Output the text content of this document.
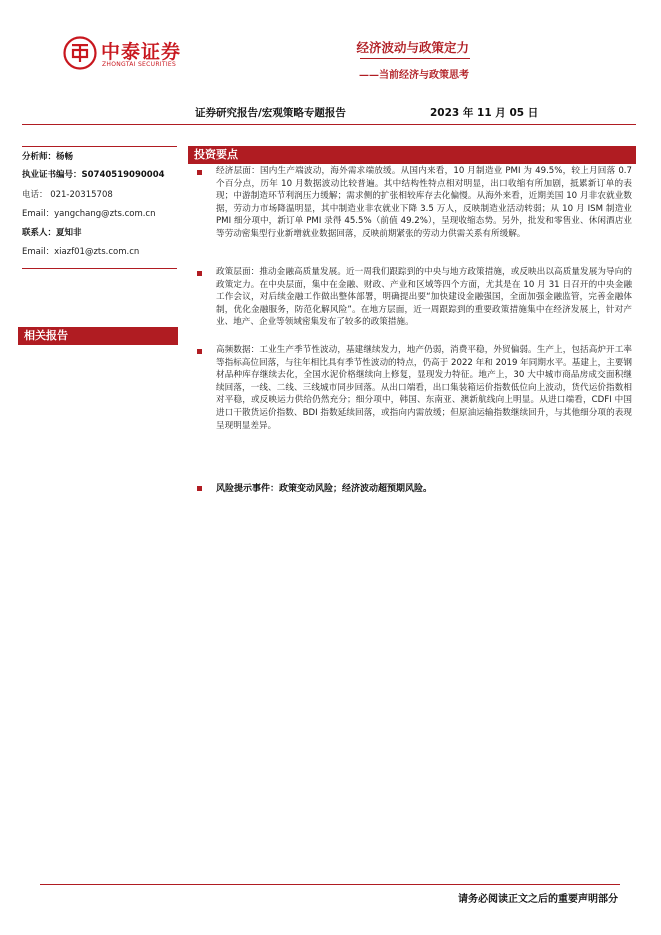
中泰证券
ZHONGTAI SECURITIES
经济波动与政策定力
——当前经济与政策思考
证券研究报告/宏观策略专题报告	2023 年 11 月 05 日
分析师：杨畅
执业证书编号：S0740519090004
电话： 021-20315708
Email：yangchang@zts.com.cn
联系人：夏知非
Email：xiazf01@zts.com.cn
相关报告
投资要点
经济层面：国内生产端波动，海外需求端放缓。从国内来看，10 月制造业 PMI 为 49.5%，较上月回落 0.7 个百分点，历年 10 月数据波动比较普遍。其中结构性特点相对明显，出口收缩有所加剧，抵累新订单的表现；中游制造环节利润压力缓解；需求侧的扩张相较库存去化偏慢。从海外来看，近期美国 10 月非农就业数据，劳动力市场降温明显，其中制造业非农就业下降 3.5 万人，反映制造业活动转弱；从 10 月 ISM 制造业 PMI 细分项中，新订单 PMI 录得 45.5%（前值 49.2%），呈现收缩态势。另外，批发和零售业、休闲酒店业等劳动密集型行业新增就业数据回落，反映前期紧张的劳动力供需关系有所缓解。
政策层面：推动金融高质量发展。近一周我们跟踪到的中央与地方政策措施，或反映出以高质量发展为导向的政策定力。在中央层面，集中在金融、财政、产业和区域等四个方面，尤其是在 10 月 31 日召开的中央金融工作会议，对后续金融工作做出整体部署，明确提出要“加快建设金融强国，全面加强金融监管，完善金融体制，优化金融服务，防范化解风险”。在地方层面，近一周跟踪到的重要政策措施集中在经济发展上，针对产业、地产、企业等领域密集发布了较多的政策措施。
高频数据：工业生产季节性波动，基建继续发力，地产仍弱，消费平稳，外贸偏弱。生产上，包括高炉开工率等指标高位回落，与往年相比具有季节性波动的特点，仍高于 2022 年和 2019 年同期水平。基建上，主要钢材品种库存继续去化，全国水泥价格继续向上修复，显现发力特征。地产上，30 大中城市商品房成交面积继续回落，一线、二线、三线城市同步回落。从出口端看，出口集装箱运价指数低位向上波动，货代运价指数相对平稳，或反映运力供给仍然充分；细分项中，韩国、东南亚、澳新航线向上明显。从进口端看，CDFI 中国进口干散货运价指数、BDI 指数延续回落，或指向内需放缓；但原油运输指数继续回升，与其他细分项的表现呈现明显差异。
风险提示事件：政策变动风险；经济波动超预期风险。
请务必阅读正文之后的重要声明部分
